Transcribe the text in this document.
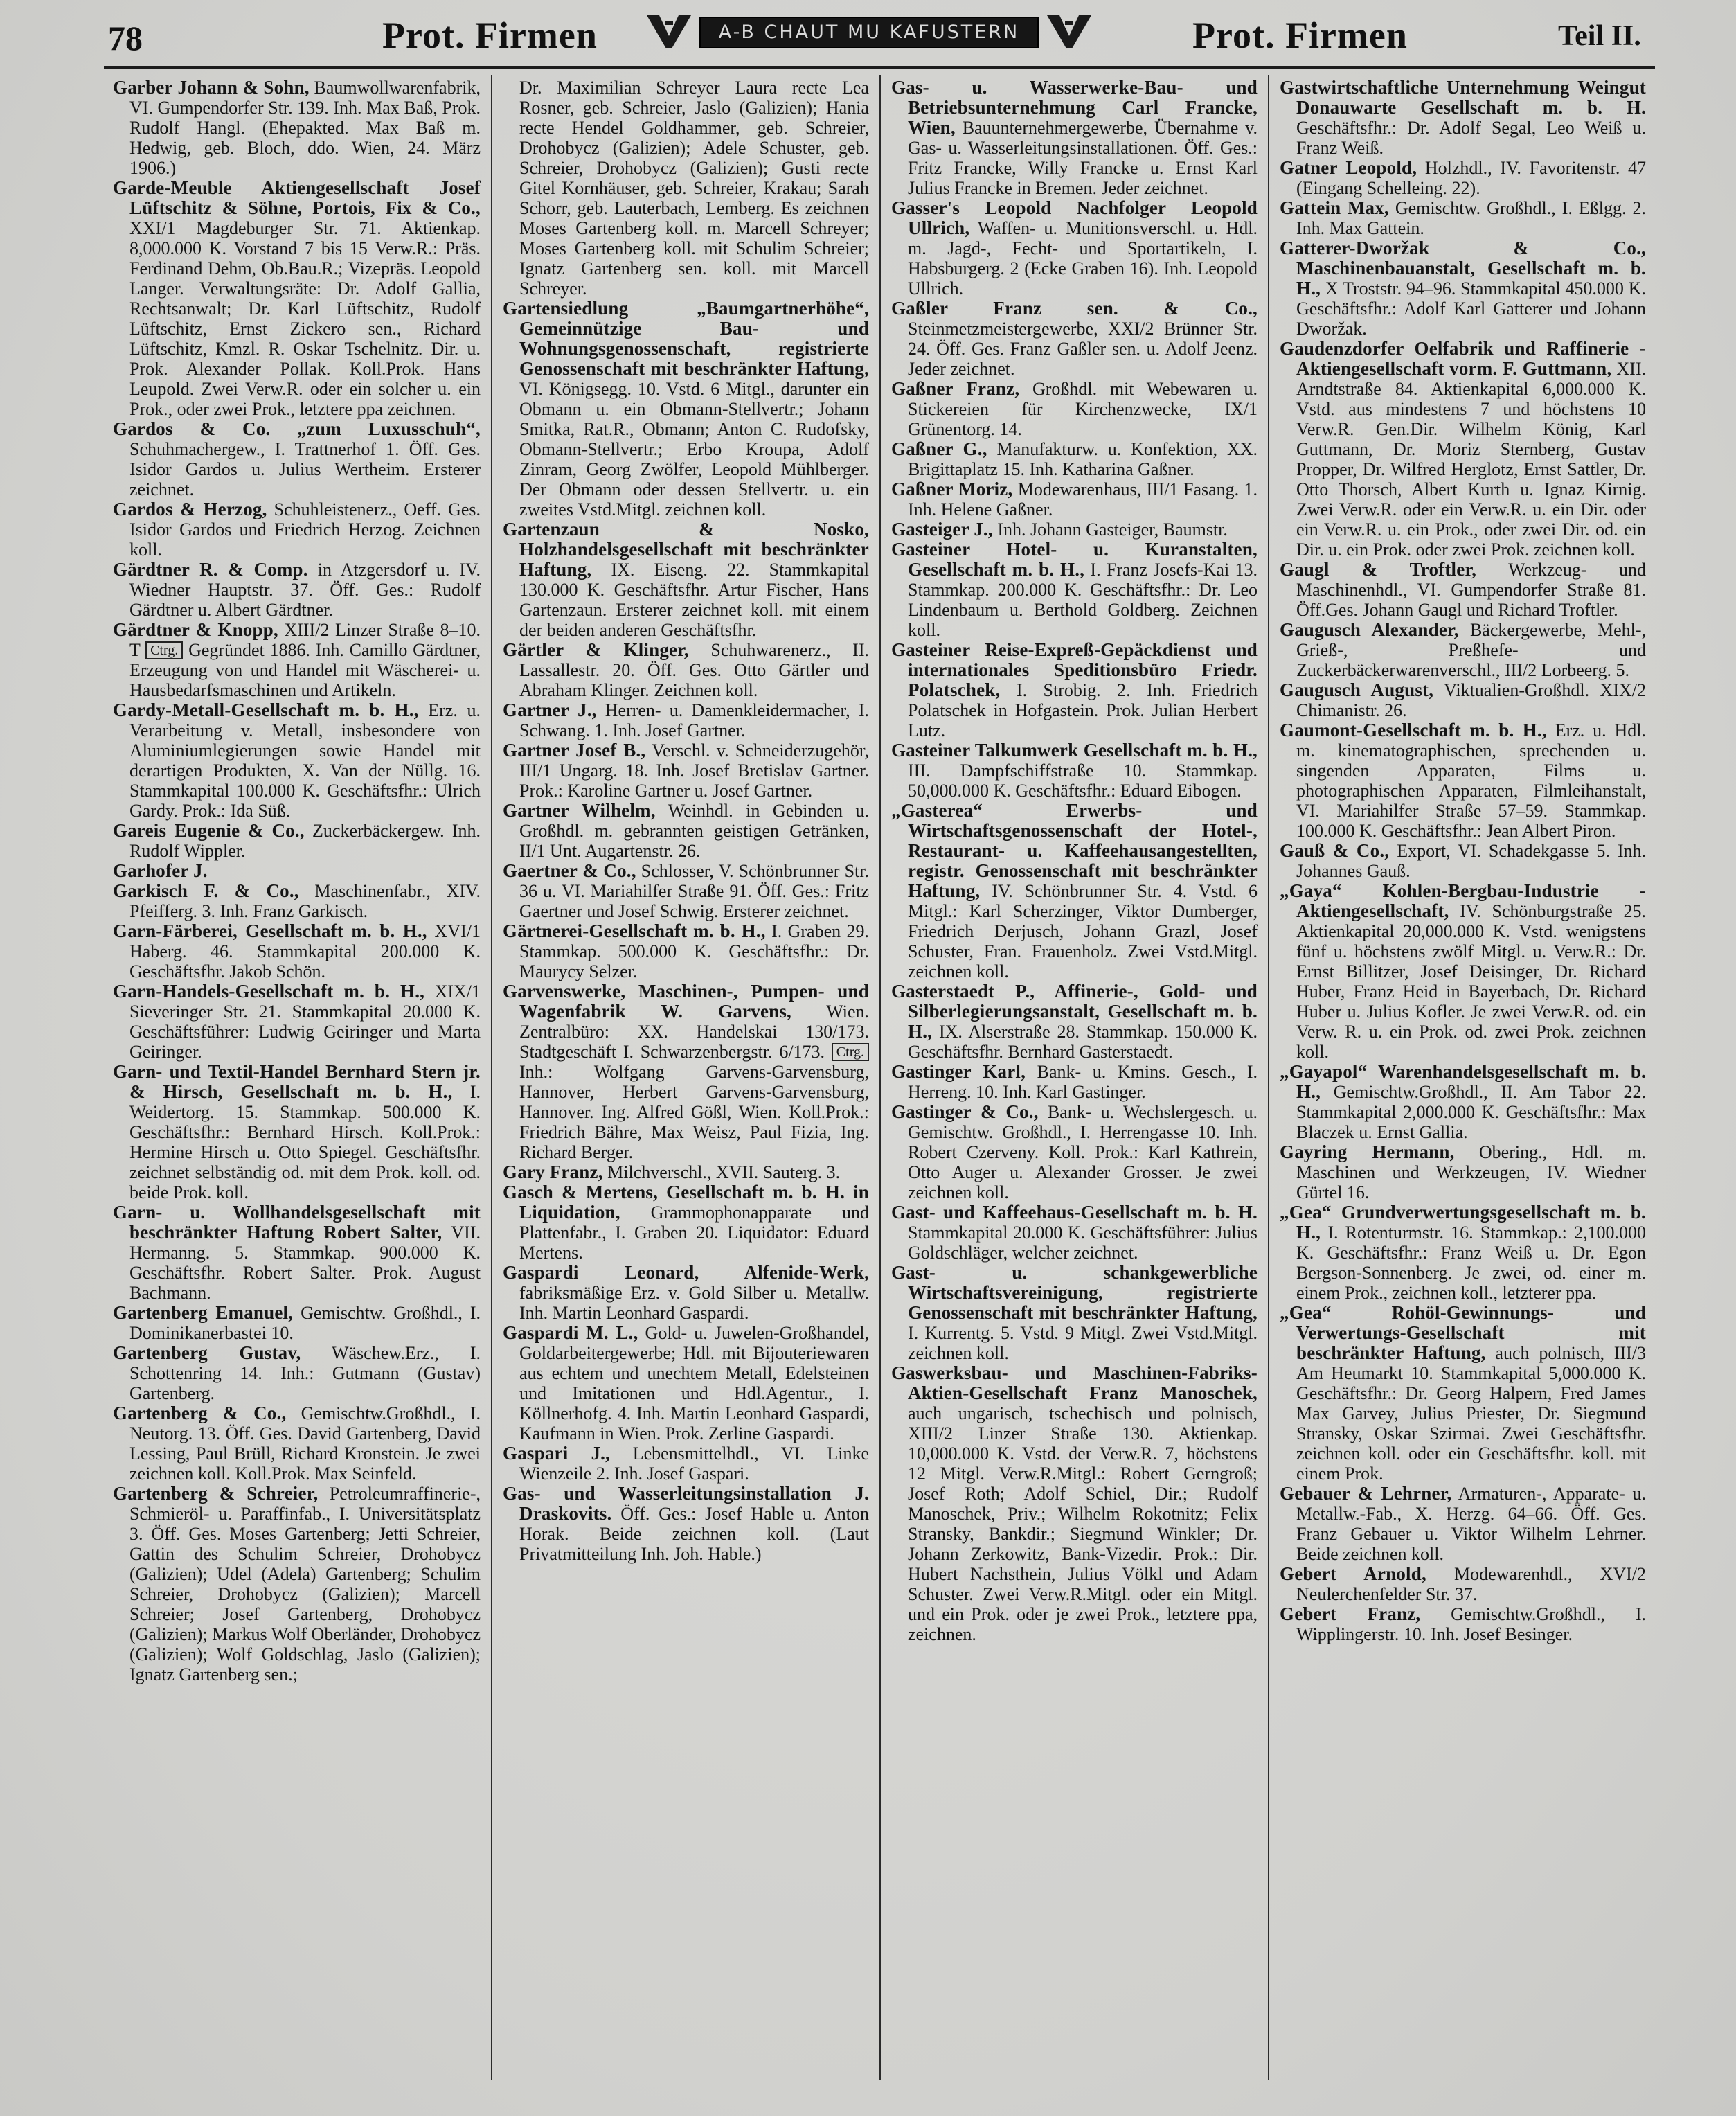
78	Prot. Firmen	A-B CHAUT MU KAFUSTERN	Prot. Firmen	Teil II.

Garber Johann & Sohn, Baumwollwarenfabrik, VI. Gumpendorfer Str. 139. Inh. Max Baß, Prok. Rudolf Hangl. (Ehepakted. Max Baß m. Hedwig, geb. Bloch, ddo. Wien, 24. März 1906.)

Garde-Meuble Aktiengesellschaft Josef Lüftschitz & Söhne, Portois, Fix & Co., XXI/1 Magdeburger Str. 71. Aktienkap. 8,000.000 K. Vorstand 7 bis 15 Verw.R.: Präs. Ferdinand Dehm, Ob.Bau.R.; Vizepräs. Leopold Langer. Verwaltungsräte: Dr. Adolf Gallia, Rechtsanwalt; Dr. Karl Lüftschitz, Rudolf Lüftschitz, Ernst Zickero sen., Richard Lüftschitz, Kmzl. R. Oskar Tschelnitz. Dir. u. Prok. Alexander Pollak. Koll.Prok. Hans Leupold. Zwei Verw.R. oder ein solcher u. ein Prok., oder zwei Prok., letztere ppa zeichnen.

Gardos & Co. „zum Luxusschuh“, Schuhmachergew., I. Trattnerhof 1. Öff. Ges. Isidor Gardos u. Julius Wertheim. Ersterer zeichnet.

Gardos & Herzog, Schuhleistenerz., Oeff. Ges. Isidor Gardos und Friedrich Herzog. Zeichnen koll.

Gärdtner R. & Comp. in Atzgersdorf u. IV. Wiedner Hauptstr. 37. Öff. Ges.: Rudolf Gärdtner u. Albert Gärdtner.

Gärdtner & Knopp, XIII/2 Linzer Straße 8–10. T Ctrg. Gegründet 1886. Inh. Camillo Gärdtner, Erzeugung von und Handel mit Wäscherei- u. Hausbedarfsmaschinen und Artikeln.

Gardy-Metall-Gesellschaft m. b. H., Erz. u. Verarbeitung v. Metall, insbesondere von Aluminiumlegierungen sowie Handel mit derartigen Produkten, X. Van der Nüllg. 16. Stammkapital 100.000 K. Geschäftsfhr.: Ulrich Gardy. Prok.: Ida Süß.

Gareis Eugenie & Co., Zuckerbäckergew. Inh. Rudolf Wippler.

Garhofer J.

Garkisch F. & Co., Maschinenfabr., XIV. Pfeifferg. 3. Inh. Franz Garkisch.

Garn-Färberei, Gesellschaft m. b. H., XVI/1 Haberg. 46. Stammkapital 200.000 K. Geschäftsfhr. Jakob Schön.

Garn-Handels-Gesellschaft m. b. H., XIX/1 Sieveringer Str. 21. Stammkapital 20.000 K. Geschäftsführer: Ludwig Geiringer und Marta Geiringer.

Garn- und Textil-Handel Bernhard Stern jr. & Hirsch, Gesellschaft m. b. H., I. Weidertorg. 15. Stammkap. 500.000 K. Geschäftsfhr.: Bernhard Hirsch. Koll.Prok.: Hermine Hirsch u. Otto Spiegel. Geschäftsfhr. zeichnet selbständig od. mit dem Prok. koll. od. beide Prok. koll.

Garn- u. Wollhandelsgesellschaft mit beschränkter Haftung Robert Salter, VII. Hermanng. 5. Stammkap. 900.000 K. Geschäftsfhr. Robert Salter. Prok. August Bachmann.

Gartenberg Emanuel, Gemischtw. Großhdl., I. Dominikanerbastei 10.

Gartenberg Gustav, Wäschew.Erz., I. Schottenring 14. Inh.: Gutmann (Gustav) Gartenberg.

Gartenberg & Co., Gemischtw.Großhdl., I. Neutorg. 13. Öff. Ges. David Gartenberg, David Lessing, Paul Brüll, Richard Kronstein. Je zwei zeichnen koll. Koll.Prok. Max Seinfeld.

Gartenberg & Schreier, Petroleumraffinerie-, Schmieröl- u. Paraffinfab., I. Universitätsplatz 3. Öff. Ges. Moses Gartenberg; Jetti Schreier, Gattin des Schulim Schreier, Drohobycz (Galizien); Udel (Adela) Gartenberg; Schulim Schreier, Drohobycz (Galizien); Marcell Schreier; Josef Gartenberg, Drohobycz (Galizien); Markus Wolf Oberländer, Drohobycz (Galizien); Wolf Goldschlag, Jaslo (Galizien); Ignatz Gartenberg sen.;

Dr. Maximilian Schreyer Laura recte Lea Rosner, geb. Schreier, Jaslo (Galizien); Hania recte Hendel Goldhammer, geb. Schreier, Drohobycz (Galizien); Adele Schuster, geb. Schreier, Drohobycz (Galizien); Gusti recte Gitel Kornhäuser, geb. Schreier, Krakau; Sarah Schorr, geb. Lauterbach, Lemberg. Es zeichnen Moses Gartenberg koll. m. Marcell Schreyer; Moses Gartenberg koll. mit Schulim Schreier; Ignatz Gartenberg sen. koll. mit Marcell Schreyer.

Gartensiedlung „Baumgartnerhöhe“, Gemeinnützige Bau- und Wohnungsgenossenschaft, registrierte Genossenschaft mit beschränkter Haftung, VI. Königsegg. 10. Vstd. 6 Mitgl., darunter ein Obmann u. ein Obmann-Stellvertr.; Johann Smitka, Rat.R., Obmann; Anton C. Rudofsky, Obmann-Stellvertr.; Erbo Kroupa, Adolf Zinram, Georg Zwölfer, Leopold Mühlberger. Der Obmann oder dessen Stellvertr. u. ein zweites Vstd.Mitgl. zeichnen koll.

Gartenzaun & Nosko, Holzhandelsgesellschaft mit beschränkter Haftung, IX. Eiseng. 22. Stammkapital 130.000 K. Geschäftsfhr. Artur Fischer, Hans Gartenzaun. Ersterer zeichnet koll. mit einem der beiden anderen Geschäftsfhr.

Gärtler & Klinger, Schuhwarenerz., II. Lassallestr. 20. Öff. Ges. Otto Gärtler und Abraham Klinger. Zeichnen koll.

Gartner J., Herren- u. Damenkleidermacher, I. Schwang. 1. Inh. Josef Gartner.

Gartner Josef B., Verschl. v. Schneiderzugehör, III/1 Ungarg. 18. Inh. Josef Bretislav Gartner. Prok.: Karoline Gartner u. Josef Gartner.

Gartner Wilhelm, Weinhdl. in Gebinden u. Großhdl. m. gebrannten geistigen Getränken, II/1 Unt. Augartenstr. 26.

Gaertner & Co., Schlosser, V. Schönbrunner Str. 36 u. VI. Mariahilfer Straße 91. Öff. Ges.: Fritz Gaertner und Josef Schwig. Ersterer zeichnet.

Gärtnerei-Gesellschaft m. b. H., I. Graben 29. Stammkap. 500.000 K. Geschäftsfhr.: Dr. Maurycy Selzer.

Garvenswerke, Maschinen-, Pumpen- und Wagenfabrik W. Garvens, Wien. Zentralbüro: XX. Handelskai 130/173. Stadtgeschäft I. Schwarzenbergstr. 6/173. Ctrg. Inh.: Wolfgang Garvens-Garvensburg, Hannover, Herbert Garvens-Garvensburg, Hannover. Ing. Alfred Gößl, Wien. Koll.Prok.: Friedrich Bähre, Max Weisz, Paul Fizia, Ing. Richard Berger.

Gary Franz, Milchverschl., XVII. Sauterg. 3.

Gasch & Mertens, Gesellschaft m. b. H. in Liquidation, Grammophonapparate und Plattenfabr., I. Graben 20. Liquidator: Eduard Mertens.

Gaspardi Leonard, Alfenide-Werk, fabriksmäßige Erz. v. Gold Silber u. Metallw. Inh. Martin Leonhard Gaspardi.

Gaspardi M. L., Gold- u. Juwelen-Großhandel, Goldarbeitergewerbe; Hdl. mit Bijouteriewaren aus echtem und unechtem Metall, Edelsteinen und Imitationen und Hdl.Agentur., I. Köllnerhofg. 4. Inh. Martin Leonhard Gaspardi, Kaufmann in Wien. Prok. Zerline Gaspardi.

Gaspari J., Lebensmittelhdl., VI. Linke Wienzeile 2. Inh. Josef Gaspari.

Gas- und Wasserleitungsinstallation J. Draskovits. Öff. Ges.: Josef Hable u. Anton Horak. Beide zeichnen koll. (Laut Privatmitteilung Inh. Joh. Hable.)

Gas- u. Wasserwerke-Bau- und Betriebsunternehmung Carl Francke, Wien, Bauunternehmergewerbe, Übernahme v. Gas- u. Wasserleitungsinstallationen. Öff. Ges.: Fritz Francke, Willy Francke u. Ernst Karl Julius Francke in Bremen. Jeder zeichnet.

Gasser's Leopold Nachfolger Leopold Ullrich, Waffen- u. Munitionsverschl. u. Hdl. m. Jagd-, Fecht- und Sportartikeln, I. Habsburgerg. 2 (Ecke Graben 16). Inh. Leopold Ullrich.

Gaßler Franz sen. & Co., Steinmetzmeistergewerbe, XXI/2 Brünner Str. 24. Öff. Ges. Franz Gaßler sen. u. Adolf Jeenz. Jeder zeichnet.

Gaßner Franz, Großhdl. mit Webewaren u. Stickereien für Kirchenzwecke, IX/1 Grünentorg. 14.

Gaßner G., Manufakturw. u. Konfektion, XX. Brigittaplatz 15. Inh. Katharina Gaßner.

Gaßner Moriz, Modewarenhaus, III/1 Fasang. 1. Inh. Helene Gaßner.

Gasteiger J., Inh. Johann Gasteiger, Baumstr.

Gasteiner Hotel- u. Kuranstalten, Gesellschaft m. b. H., I. Franz Josefs-Kai 13. Stammkap. 200.000 K. Geschäftsfhr.: Dr. Leo Lindenbaum u. Berthold Goldberg. Zeichnen koll.

Gasteiner Reise-Expreß-Gepäckdienst und internationales Speditionsbüro Friedr. Polatschek, I. Strobig. 2. Inh. Friedrich Polatschek in Hofgastein. Prok. Julian Herbert Lutz.

Gasteiner Talkumwerk Gesellschaft m. b. H., III. Dampfschiffstraße 10. Stammkap. 50,000.000 K. Geschäftsfhr.: Eduard Eibogen.

„Gasterea“ Erwerbs- und Wirtschaftsgenossenschaft der Hotel-, Restaurant- u. Kaffeehausangestellten, registr. Genossenschaft mit beschränkter Haftung, IV. Schönbrunner Str. 4. Vstd. 6 Mitgl.: Karl Scherzinger, Viktor Dumberger, Friedrich Derjusch, Johann Grazl, Josef Schuster, Fran. Frauenholz. Zwei Vstd.Mitgl. zeichnen koll.

Gasterstaedt P., Affinerie-, Gold- und Silberlegierungsanstalt, Gesellschaft m. b. H., IX. Alserstraße 28. Stammkap. 150.000 K. Geschäftsfhr. Bernhard Gasterstaedt.

Gastinger Karl, Bank- u. Kmins. Gesch., I. Herreng. 10. Inh. Karl Gastinger.

Gastinger & Co., Bank- u. Wechslergesch. u. Gemischtw. Großhdl., I. Herrengasse 10. Inh. Robert Czerveny. Koll. Prok.: Karl Kathrein, Otto Auger u. Alexander Grosser. Je zwei zeichnen koll.

Gast- und Kaffeehaus-Gesellschaft m. b. H. Stammkapital 20.000 K. Geschäftsführer: Julius Goldschläger, welcher zeichnet.

Gast- u. schankgewerbliche Wirtschaftsvereinigung, registrierte Genossenschaft mit beschränkter Haftung, I. Kurrentg. 5. Vstd. 9 Mitgl. Zwei Vstd.Mitgl. zeichnen koll.

Gaswerksbau- und Maschinen-Fabriks-Aktien-Gesellschaft Franz Manoschek, auch ungarisch, tschechisch und polnisch, XIII/2 Linzer Straße 130. Aktienkap. 10,000.000 K. Vstd. der Verw.R. 7, höchstens 12 Mitgl. Verw.R.Mitgl.: Robert Gerngroß; Josef Roth; Adolf Schiel, Dir.; Rudolf Manoschek, Priv.; Wilhelm Rokotnitz; Felix Stransky, Bankdir.; Siegmund Winkler; Dr. Johann Zerkowitz, Bank-Vizedir. Prok.: Dir. Hubert Nachsthein, Julius Völkl und Adam Schuster. Zwei Verw.R.Mitgl. oder ein Mitgl. und ein Prok. oder je zwei Prok., letztere ppa, zeichnen.

Gastwirtschaftliche Unternehmung Weingut Donauwarte Gesellschaft m. b. H. Geschäftsfhr.: Dr. Adolf Segal, Leo Weiß u. Franz Weiß.

Gatner Leopold, Holzhdl., IV. Favoritenstr. 47 (Eingang Schelleing. 22).

Gattein Max, Gemischtw. Großhdl., I. Eßlgg. 2. Inh. Max Gattein.

Gatterer-Dworžak & Co., Maschinenbauanstalt, Gesellschaft m. b. H., X Troststr. 94–96. Stammkapital 450.000 K. Geschäftsfhr.: Adolf Karl Gatterer und Johann Dworžak.

Gaudenzdorfer Oelfabrik und Raffinerie - Aktiengesellschaft vorm. F. Guttmann, XII. Arndtstraße 84. Aktienkapital 6,000.000 K. Vstd. aus mindestens 7 und höchstens 10 Verw.R. Gen.Dir. Wilhelm König, Karl Guttmann, Dr. Moriz Sternberg, Gustav Propper, Dr. Wilfred Herglotz, Ernst Sattler, Dr. Otto Thorsch, Albert Kurth u. Ignaz Kirnig. Zwei Verw.R. oder ein Verw.R. u. ein Dir. oder ein Verw.R. u. ein Prok., oder zwei Dir. od. ein Dir. u. ein Prok. oder zwei Prok. zeichnen koll.

Gaugl & Troftler, Werkzeug- und Maschinenhdl., VI. Gumpendorfer Straße 81. Öff.Ges. Johann Gaugl und Richard Troftler.

Gaugusch Alexander, Bäckergewerbe, Mehl-, Grieß-, Preßhefe- und Zuckerbäckerwarenverschl., III/2 Lorbeerg. 5.

Gaugusch August, Viktualien-Großhdl. XIX/2 Chimanistr. 26.

Gaumont-Gesellschaft m. b. H., Erz. u. Hdl. m. kinematographischen, sprechenden u. singenden Apparaten, Films u. photographischen Apparaten, Filmleihanstalt, VI. Mariahilfer Straße 57–59. Stammkap. 100.000 K. Geschäftsfhr.: Jean Albert Piron.

Gauß & Co., Export, VI. Schadekgasse 5. Inh. Johannes Gauß.

„Gaya“ Kohlen-Bergbau-Industrie - Aktiengesellschaft, IV. Schönburgstraße 25. Aktienkapital 20,000.000 K. Vstd. wenigstens fünf u. höchstens zwölf Mitgl. u. Verw.R.: Dr. Ernst Billitzer, Josef Deisinger, Dr. Richard Huber, Franz Heid in Bayerbach, Dr. Richard Huber u. Julius Kofler. Je zwei Verw.R. od. ein Verw. R. u. ein Prok. od. zwei Prok. zeichnen koll.

„Gayapol“ Warenhandelsgesellschaft m. b. H., Gemischtw.Großhdl., II. Am Tabor 22. Stammkapital 2,000.000 K. Geschäftsfhr.: Max Blaczek u. Ernst Gallia.

Gayring Hermann, Obering., Hdl. m. Maschinen und Werkzeugen, IV. Wiedner Gürtel 16.

„Gea“ Grundverwertungsgesellschaft m. b. H., I. Rotenturmstr. 16. Stammkap.: 2,100.000 K. Geschäftsfhr.: Franz Weiß u. Dr. Egon Bergson-Sonnenberg. Je zwei, od. einer m. einem Prok., zeichnen koll., letzterer ppa.

„Gea“ Rohöl-Gewinnungs- und Verwertungs-Gesellschaft mit beschränkter Haftung, auch polnisch, III/3 Am Heumarkt 10. Stammkapital 5,000.000 K. Geschäftsfhr.: Dr. Georg Halpern, Fred James Max Garvey, Julius Priester, Dr. Siegmund Stransky, Oskar Szirmai. Zwei Geschäftsfhr. zeichnen koll. oder ein Geschäftsfhr. koll. mit einem Prok.

Gebauer & Lehrner, Armaturen-, Apparate- u. Metallw.-Fab., X. Herzg. 64–66. Öff. Ges. Franz Gebauer u. Viktor Wilhelm Lehrner. Beide zeichnen koll.

Gebert Arnold, Modewarenhdl., XVI/2 Neulerchenfelder Str. 37.

Gebert Franz, Gemischtw.Großhdl., I. Wipplingerstr. 10. Inh. Josef Besinger.
